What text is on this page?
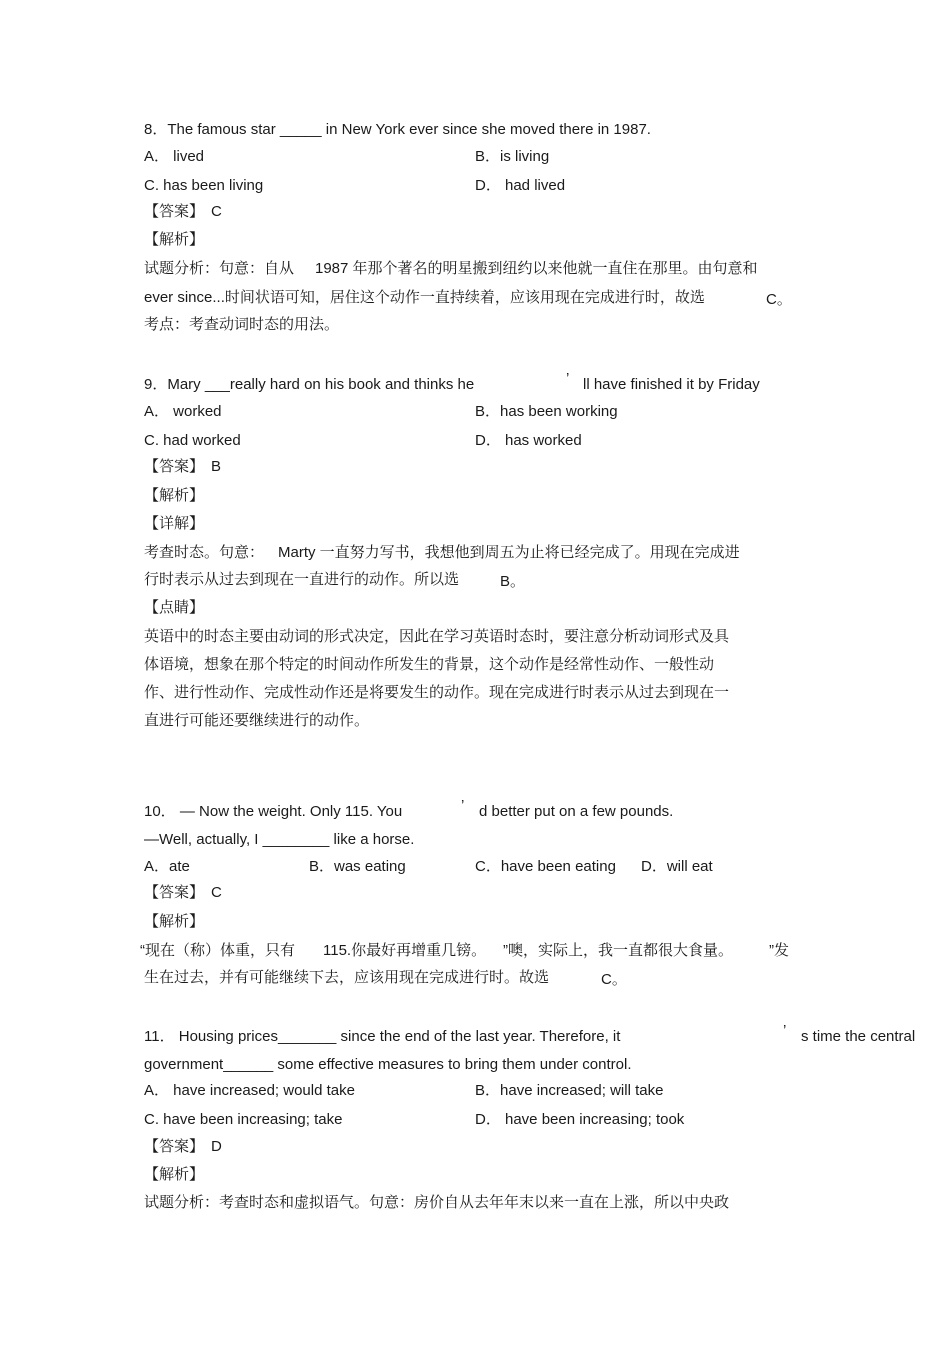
8．The famous star _____ in New York ever since she moved there in 1987.
A． lived	B．is living
C. has been living	D． had lived
【答案】 C
【解析】
试题分析：句意：自从 1987 年那个著名的明星搬到纽约以来他就一直住在那里。由句意和
ever since...时间状语可知，居住这个动作一直持续着，应该用现在完成进行时，故选	C。
考点：考查动词时态的用法。
9．Mary ___really hard on his book and thinks he	’ ll have finished it by Friday
A． worked	B．has been working
C. had worked	D． has worked
【答案】 B
【解析】
【详解】
考查时态。句意： Marty 一直努力写书，我想他到周五为止将已经完成了。用现在完成进
行时表示从过去到现在一直进行的动作。所以选	B。
【点睛】
英语中的时态主要由动词的形式决定，因此在学习英语时态时，要注意分析动词形式及具
体语境，想象在那个特定的时间动作所发生的背景，这个动作是经常性动作、一般性动
作、进行性动作、完成性动作还是将要发生的动作。现在完成进行时表示从过去到现在一
直进行可能还要继续进行的动作。
10． — Now the weight. Only 115. You	’ d better put on a few pounds.
—Well, actually, I ________ like a horse.
A．ate	B．was eating	C．have been eating D．will eat
【答案】 C
【解析】
“现在（称）体重，只有 115.你最好再增重几镑。 ”噢，实际上，我一直都很大食量。 ”发
生在过去，并有可能继续下去，应该用现在完成进行时。故选	C。
11． Housing prices_______ since the end of the last year. Therefore, it	’ s time the central
government______ some effective measures to bring them under control.
A． have increased; would take	B．have increased; will take
C. have been increasing; take	D． have been increasing; took
【答案】 D
【解析】
试题分析：考查时态和虚拟语气。句意：房价自从去年年末以来一直在上涨，所以中央政
